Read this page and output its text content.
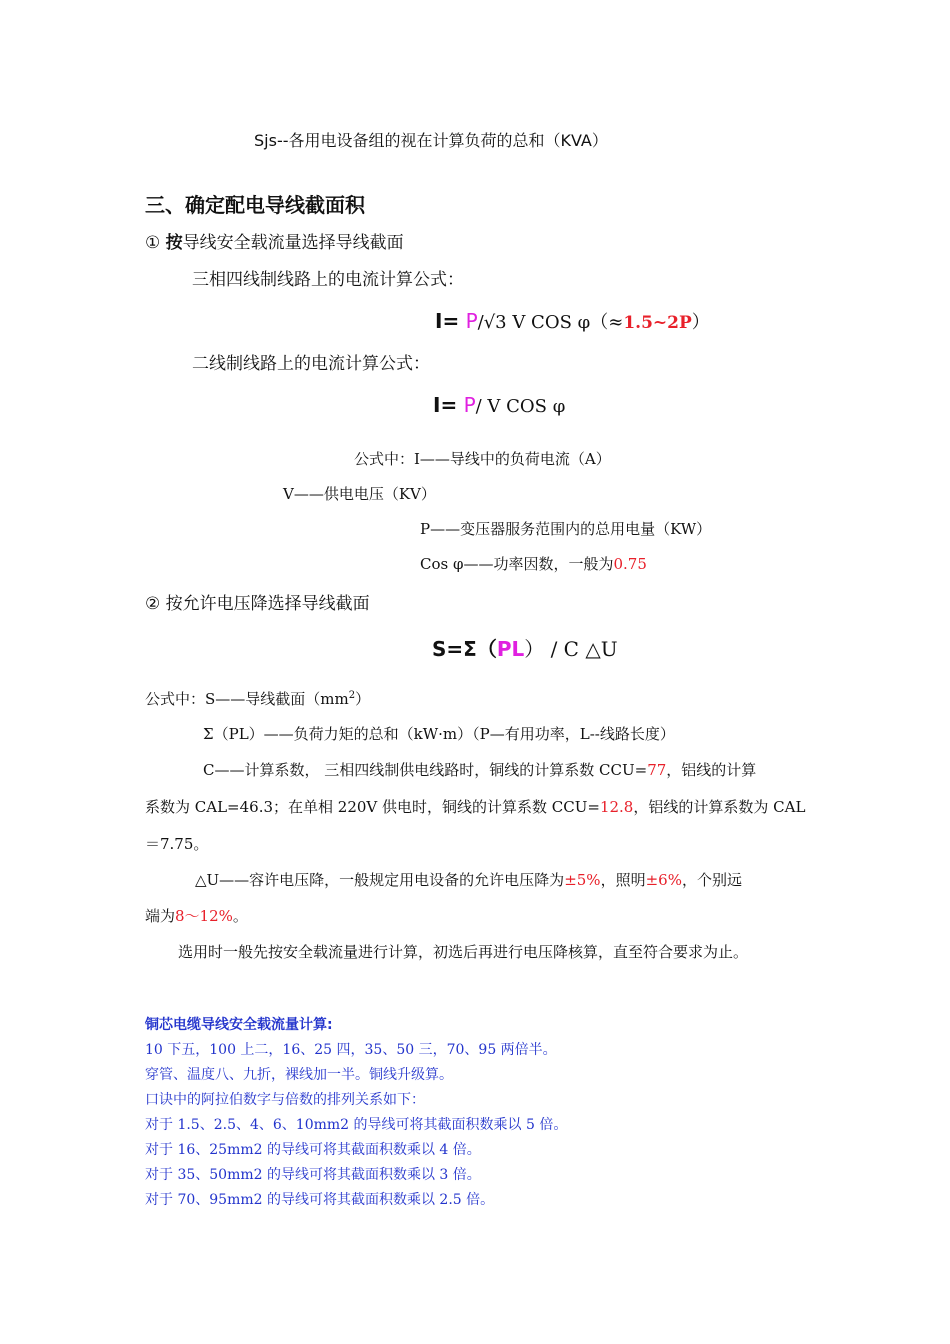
Sjs--各用电设备组的视在计算负荷的总和（KVA）
三、确定配电导线截面积
① 按导线安全载流量选择导线截面
三相四线制线路上的电流计算公式：
I= P/√3 V COS φ（≈1.5~2P）
二线制线路上的电流计算公式：
I= P/ V COS φ
公式中：I——导线中的负荷电流（A）
V——供电电压（KV）
P——变压器服务范围内的总用电量（KW）
Cos φ——功率因数，一般为0.75
② 按允许电压降选择导线截面
S=Σ（PL） / C △U
公式中：S——导线截面$(mm^2)$
Σ（PL）——负荷力矩的总和（kW·m）（P—有用功率，L--线路长度）
C——计算系数， 三相四线制供电线路时，铜线的计算系数 CCU=77，铝线的计算
系数为 CAL=46.3；在单相 220V 供电时，铜线的计算系数 CCU=12.8，铝线的计算系数为 CAL
＝7.75。
△U——容许电压降，一般规定用电设备的允许电压降为±5%，照明±6%，个别远
端为8～12%。
选用时一般先按安全载流量进行计算，初选后再进行电压降核算，直至符合要求为止。
铜芯电缆导线安全载流量计算:
10 下五，100 上二，16、25 四，35、50 三，70、95 两倍半。
穿管、温度八、九折，裸线加一半。铜线升级算。
口诀中的阿拉伯数字与倍数的排列关系如下：
对于 1.5、2.5、4、6、10mm2 的导线可将其截面积数乘以 5 倍。
对于 16、25mm2 的导线可将其截面积数乘以 4 倍。
对于 35、50mm2 的导线可将其截面积数乘以 3 倍。
对于 70、95mm2 的导线可将其截面积数乘以 2.5 倍。
